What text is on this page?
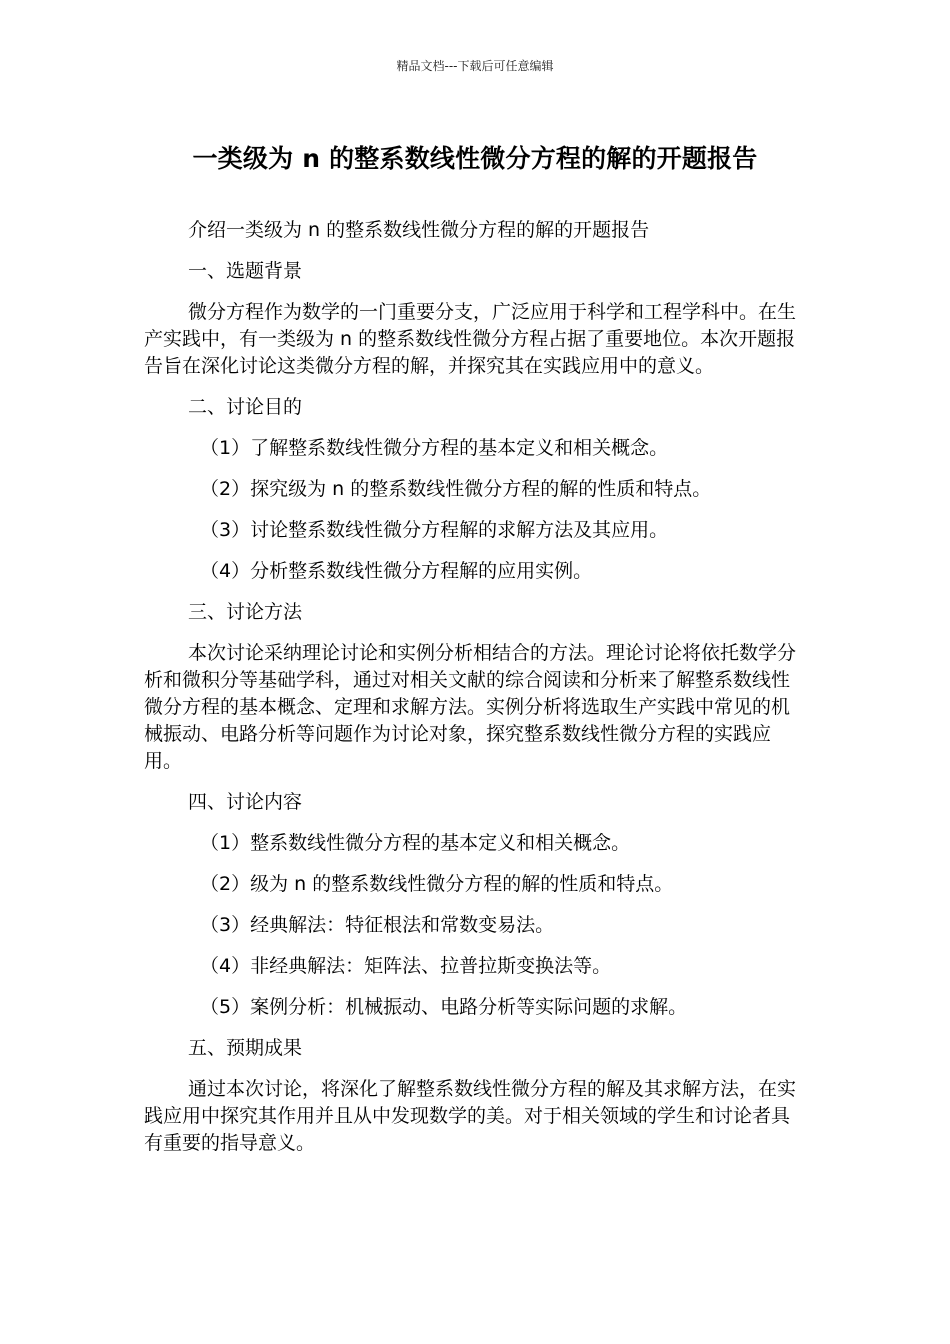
精品文档---下载后可任意编辑
一类级为 n 的整系数线性微分方程的解的开题报告
介绍一类级为 n 的整系数线性微分方程的解的开题报告
一、选题背景
微分方程作为数学的一门重要分支，广泛应用于科学和工程学科中。在生产实践中，有一类级为 n 的整系数线性微分方程占据了重要地位。本次开题报告旨在深化讨论这类微分方程的解，并探究其在实践应用中的意义。
二、讨论目的
（1）了解整系数线性微分方程的基本定义和相关概念。
（2）探究级为 n 的整系数线性微分方程的解的性质和特点。
（3）讨论整系数线性微分方程解的求解方法及其应用。
（4）分析整系数线性微分方程解的应用实例。
三、讨论方法
本次讨论采纳理论讨论和实例分析相结合的方法。理论讨论将依托数学分析和微积分等基础学科，通过对相关文献的综合阅读和分析来了解整系数线性微分方程的基本概念、定理和求解方法。实例分析将选取生产实践中常见的机械振动、电路分析等问题作为讨论对象，探究整系数线性微分方程的实践应用。
四、讨论内容
（1）整系数线性微分方程的基本定义和相关概念。
（2）级为 n 的整系数线性微分方程的解的性质和特点。
（3）经典解法：特征根法和常数变易法。
（4）非经典解法：矩阵法、拉普拉斯变换法等。
（5）案例分析：机械振动、电路分析等实际问题的求解。
五、预期成果
通过本次讨论，将深化了解整系数线性微分方程的解及其求解方法，在实践应用中探究其作用并且从中发现数学的美。对于相关领域的学生和讨论者具有重要的指导意义。
